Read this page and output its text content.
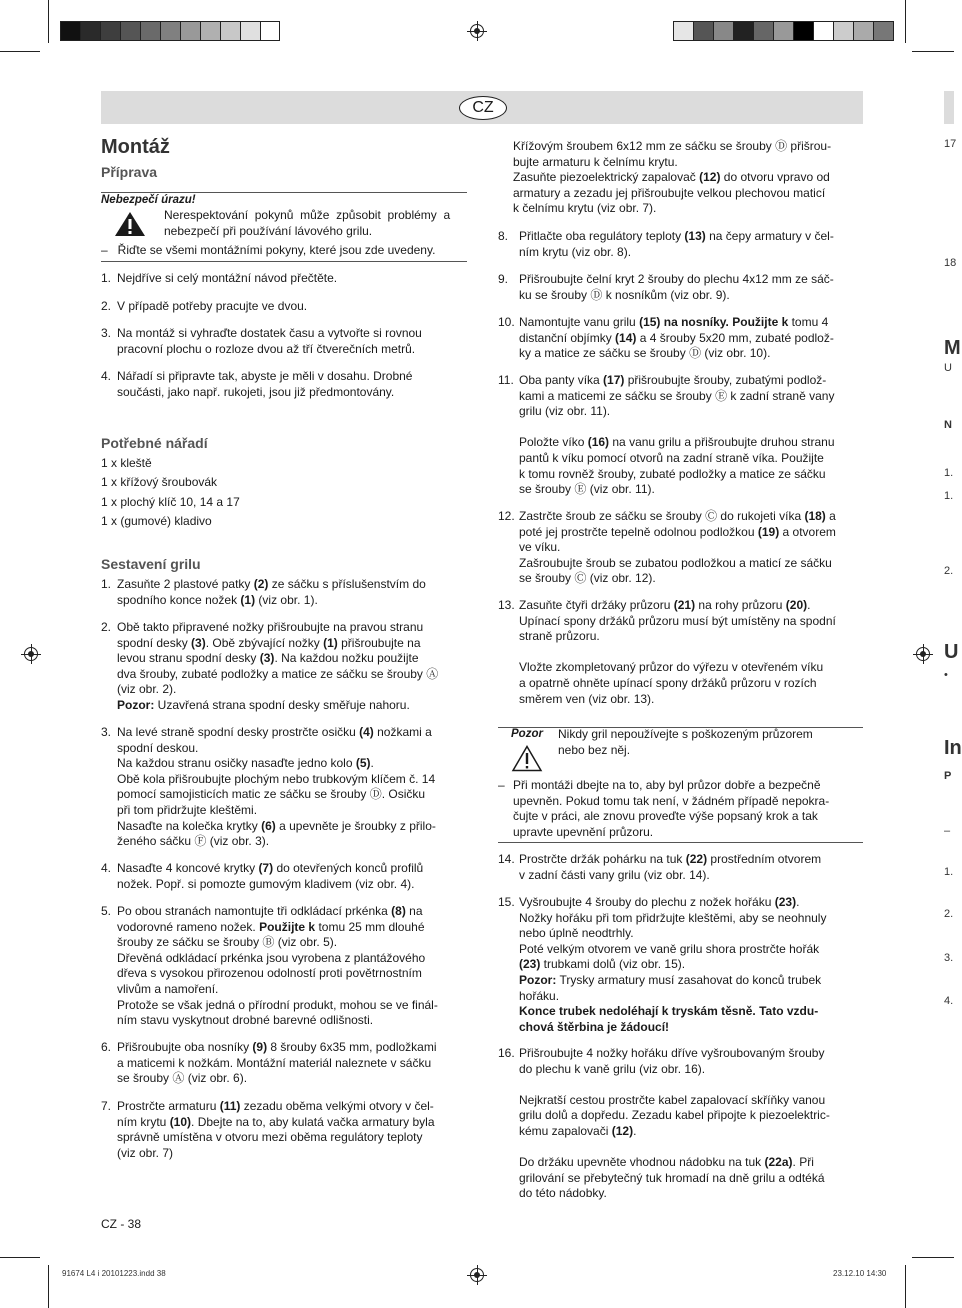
CZ
Montáž
Příprava
Nebezpečí úrazu!
Nerespektování  pokynů  může  způsobit  problémy  a
nebezpečí při používání lávového grilu.
–   Řiďte se všemi montážními pokyny, které jsou zde uvedeny.
1. Nejdříve si celý montážní návod přečtěte.
2. V případě potřeby pracujte ve dvou.
3. Na montáž si vyhraďte dostatek času a vytvořte si rovnou
pracovní plochu o rozloze dvou až tří čtverečních metrů.
4. Nářadí si připravte tak, abyste je měli v dosahu. Drobné
součásti, jako např. rukojeti, jsou již předmontovány.
Potřebné nářadí
1 x kleště
1 x křížový šroubovák
1 x plochý klíč 10, 14 a 17
1 x (gumové) kladivo
Sestavení grilu
1. Zasuňte 2 plastové patky (2) ze sáčku s příslušenstvím do
spodního konce nožek (1) (viz obr. 1).
2. Obě takto připravené nožky přišroubujte na pravou stranu
spodní desky (3). Obě zbývající nožky (1) přišroubujte na
levou stranu spodní desky (3). Na každou nožku použijte
dva šrouby, zubaté podložky a matice ze sáčku se šrouby Ⓐ
(viz obr. 2).
Pozor: Uzavřená strana spodní desky směřuje nahoru.
3. Na levé straně spodní desky prostrčte osičku (4) nožkami a
spodní deskou.
Na každou stranu osičky nasaďte jedno kolo (5).
Obě kola přišroubujte plochým nebo trubkovým klíčem č. 14
pomocí samojisticích matic ze sáčku se šrouby Ⓓ. Osičku
při tom přidržujte kleštěmi.
Nasaďte na kolečka krytky (6) a upevněte je šroubky z přilo-
ženého sáčku Ⓕ (viz obr. 3).
4. Nasaďte 4 koncové krytky (7) do otevřených konců profilů
nožek. Popř. si pomozte gumovým kladivem (viz obr. 4).
5. Po obou stranách namontujte tři odkládací prkénka (8) na
vodorovné rameno nožek. Použijte k tomu 25 mm dlouhé
šrouby ze sáčku se šrouby Ⓑ (viz obr. 5).
Dřevěná odkládací prkénka jsou vyrobena z plantážového
dřeva s vysokou přirozenou odolností proti povětrnostním
vlivům a namoření.
Protože se však jedná o přírodní produkt, mohou se ve finál-
ním stavu vyskytnout drobné barevné odlišnosti.
6. Přišroubujte oba nosníky (9) 8 šrouby 6x35 mm, podložkami
a maticemi k nožkám. Montážní materiál naleznete v sáčku
se šrouby Ⓐ (viz obr. 6).
7. Prostrčte armaturu (11) zezadu oběma velkými otvory v čel-
ním krytu (10). Dbejte na to, aby kulatá vačka armatury byla
správně umístěna v otvoru mezi oběma regulátory teploty
(viz obr. 7)
CZ - 38
Křížovým šroubem 6x12 mm ze sáčku se šrouby Ⓓ přišrou-
bujte armaturu k čelnímu krytu.
Zasuňte piezoelektrický zapalovač (12) do otvoru vpravo od
armatury a zezadu jej přišroubujte velkou plechovou maticí
k čelnímu krytu (viz obr. 7).
8. Přitlačte oba regulátory teploty (13) na čepy armatury v čel-
ním krytu (viz obr. 8).
9. Přišroubujte čelní kryt 2 šrouby do plechu 4x12 mm ze sáč-
ku se šrouby Ⓓ k nosníkům (viz obr. 9).
10. Namontujte vanu grilu (15) na nosníky. Použijte k tomu 4
distanční objímky (14) a 4 šrouby 5x20 mm, zubaté podlož-
ky a matice ze sáčku se šrouby Ⓓ (viz obr. 10).
11. Oba panty víka (17) přišroubujte šrouby, zubatými podlož-
kami a maticemi ze sáčku se šrouby Ⓔ k zadní straně vany
grilu (viz obr. 11).
Položte víko (16) na vanu grilu a přišroubujte druhou stranu
pantů k víku pomocí otvorů na zadní straně víka. Použijte
k tomu rovněž šrouby, zubaté podložky a matice ze sáčku
se šrouby Ⓔ (viz obr. 11).
12. Zastrčte šroub ze sáčku se šrouby Ⓒ do rukojeti víka (18) a
poté jej prostrčte tepelně odolnou podložkou (19) a otvorem
ve víku.
Zašroubujte šroub se zubatou podložkou a maticí ze sáčku
se šrouby Ⓒ (viz obr. 12).
13. Zasuňte čtyři držáky průzoru (21) na rohy průzoru (20).
Upínací spony držáků průzoru musí být umístěny na spodní
straně průzoru.
Vložte zkompletovaný průzor do výřezu v otevřeném víku
a opatrně ohněte upínací spony držáků průzoru v rozích
směrem ven (viz obr. 13).
Pozor Nikdy gril nepoužívejte s poškozeným průzorem
nebo bez něj.
– Při montáži dbejte na to, aby byl průzor dobře a bezpečně
upevněn. Pokud tomu tak není, v žádném případě nepokra-
čujte v práci, ale znovu proveďte výše popsaný krok a tak
upravte upevnění průzoru.
14. Prostrčte držák pohárku na tuk (22) prostředním otvorem
v zadní části vany grilu (viz obr. 14).
15. Vyšroubujte 4 šrouby do plechu z nožek hořáku (23).
Nožky hořáku při tom přidržujte kleštěmi, aby se neohnuly
nebo úplně neodtrhly.
Poté velkým otvorem ve vaně grilu shora prostrčte hořák
(23) trubkami dolů (viz obr. 15).
Pozor: Trysky armatury musí zasahovat do konců trubek
hořáku.
Konce trubek nedoléhají k tryskám těsně. Tato vzdu-
chová štěrbina je žádoucí!
16. Přišroubujte 4 nožky hořáku dříve vyšroubovaným šrouby
do plechu k vaně grilu (viz obr. 16).
Nejkratší cestou prostrčte kabel zapalovací skříňky vanou
grilu dolů a dopředu. Zezadu kabel připojte k piezoelektric-
kému zapalovači (12).
Do držáku upevněte vhodnou nádobku na tuk (22a). Při
grilování se přebytečný tuk hromadí na dně grilu a odtéká
do této nádobky.
91674 L4 i 20101223.indd 38	23.12.10 14:30
17
18
M
U
N
1.
1.
2.
U
•
In
P
–
1.
2.
3.
4.
